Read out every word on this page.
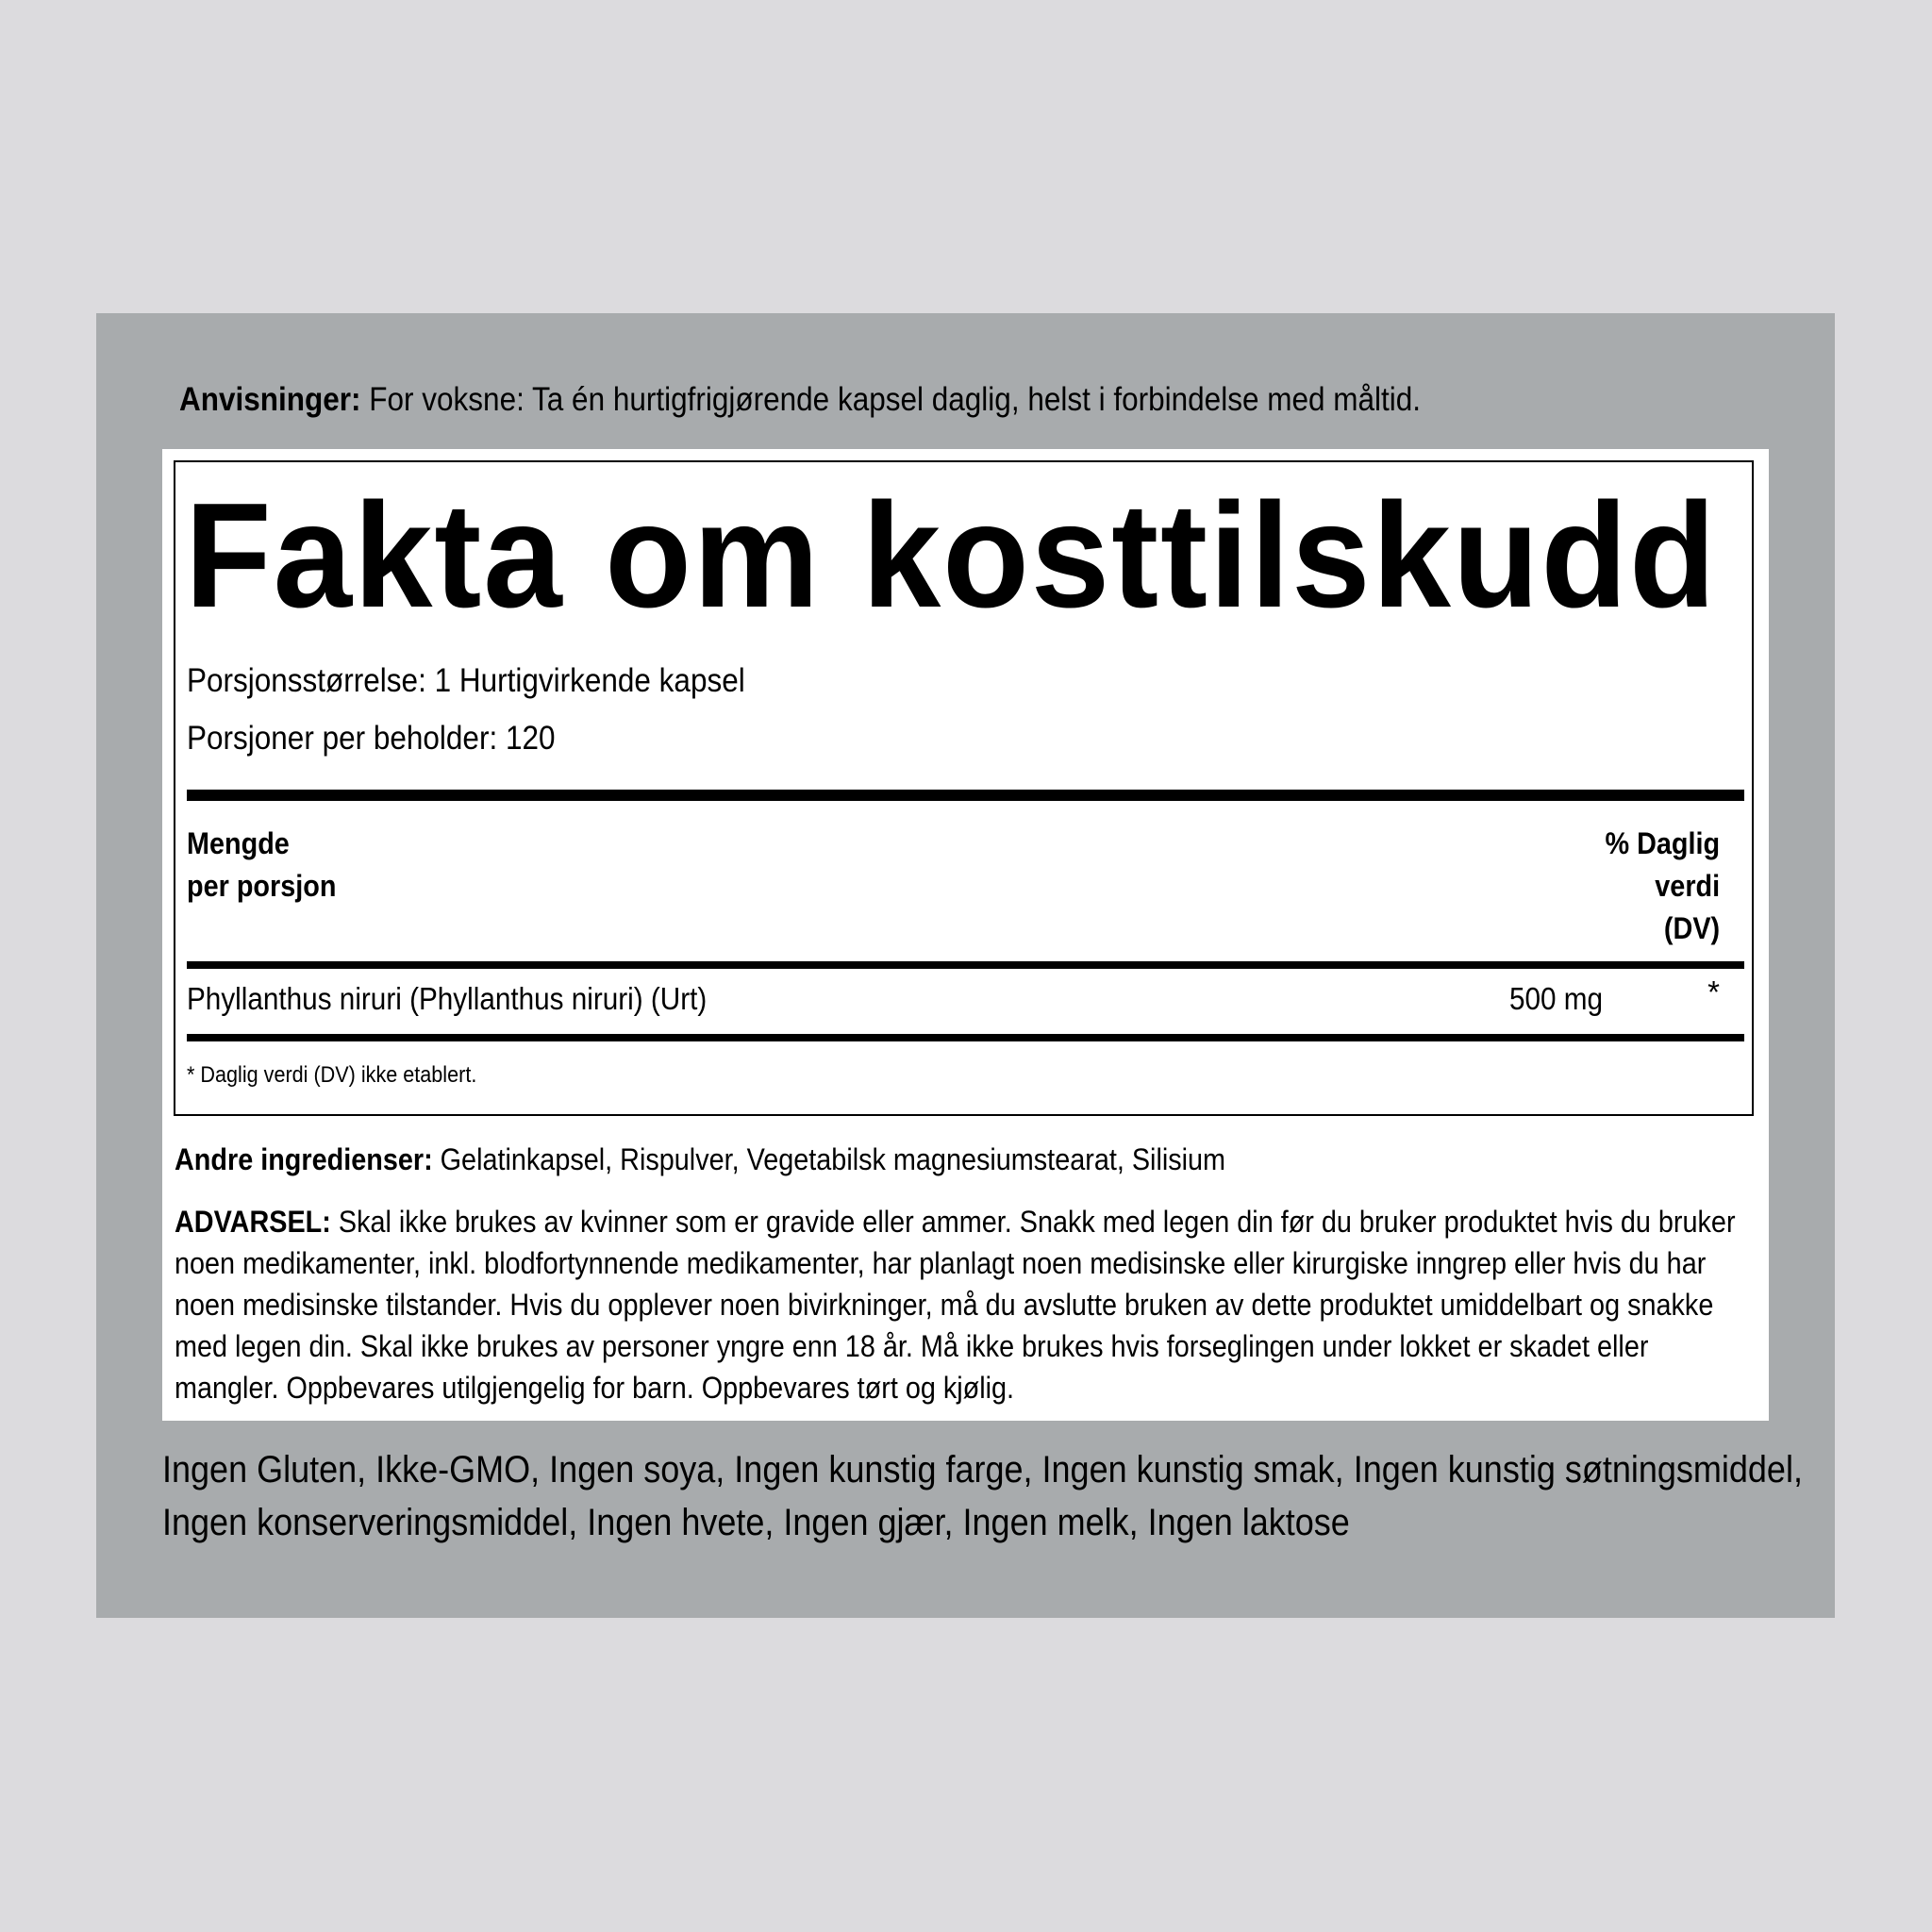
Anvisninger: For voksne: Ta én hurtigfrigjørende kapsel daglig, helst i forbindelse med måltid.
Fakta om kosttilskudd
Porsjonsstørrelse: 1 Hurtigvirkende kapsel
Porsjoner per beholder: 120
Mengde
per porsjon
% Daglig
verdi
(DV)
Phyllanthus niruri (Phyllanthus niruri) (Urt)	500 mg	*
* Daglig verdi (DV) ikke etablert.
Andre ingredienser: Gelatinkapsel, Rispulver, Vegetabilsk magnesiumstearat, Silisium
ADVARSEL: Skal ikke brukes av kvinner som er gravide eller ammer. Snakk med legen din før du bruker produktet hvis du bruker noen medikamenter, inkl. blodfortynnende medikamenter, har planlagt noen medisinske eller kirurgiske inngrep eller hvis du har noen medisinske tilstander. Hvis du opplever noen bivirkninger, må du avslutte bruken av dette produktet umiddelbart og snakke med legen din. Skal ikke brukes av personer yngre enn 18 år. Må ikke brukes hvis forseglingen under lokket er skadet eller mangler. Oppbevares utilgjengelig for barn. Oppbevares tørt og kjølig.
Ingen Gluten, Ikke-GMO, Ingen soya, Ingen kunstig farge, Ingen kunstig smak, Ingen kunstig søtningsmiddel, Ingen konserveringsmiddel, Ingen hvete, Ingen gjær, Ingen melk, Ingen laktose
